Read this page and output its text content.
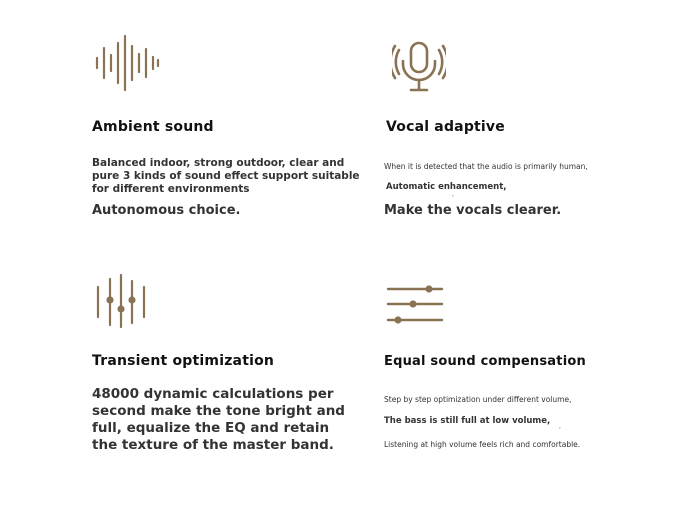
Ambient sound
Balanced indoor, strong outdoor, clear and
pure 3 kinds of sound effect support suitable
for different environments
Autonomous choice.
Vocal adaptive
When it is detected that the audio is primarily human,
Automatic enhancement,
,
Make the vocals clearer.
Transient optimization
48000 dynamic calculations per
second make the tone bright and
full, equalize the EQ and retain
the texture of the master band.
Equal sound compensation
Step by step optimization under different volume,
The bass is still full at low volume,
,
Listening at high volume feels rich and comfortable.
